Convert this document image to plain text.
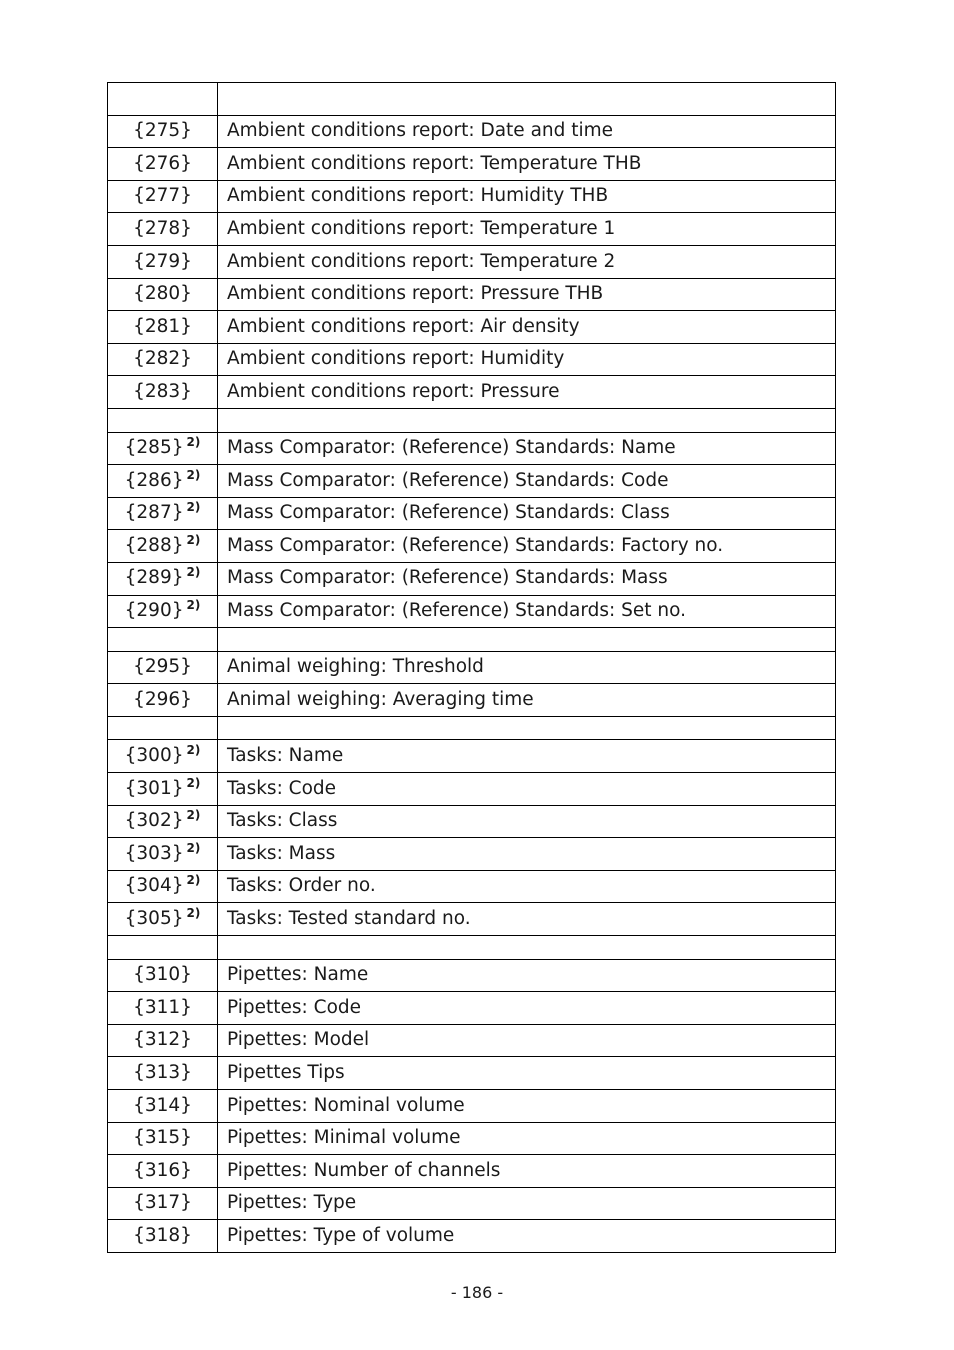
{275}	Ambient conditions report: Date and time
{276}	Ambient conditions report: Temperature THB
{277}	Ambient conditions report: Humidity THB
{278}	Ambient conditions report: Temperature 1
{279}	Ambient conditions report: Temperature 2
{280}	Ambient conditions report: Pressure THB
{281}	Ambient conditions report: Air density
{282}	Ambient conditions report: Humidity
{283}	Ambient conditions report: Pressure

{285} $^{2)}$	Mass Comparator: (Reference) Standards: Name
{286} $^{2)}$	Mass Comparator: (Reference) Standards: Code
{287} $^{2)}$	Mass Comparator: (Reference) Standards: Class
{288} $^{2)}$	Mass Comparator: (Reference) Standards: Factory no.
{289} $^{2)}$	Mass Comparator: (Reference) Standards: Mass
{290} $^{2)}$	Mass Comparator: (Reference) Standards: Set no.

{295}	Animal weighing: Threshold
{296}	Animal weighing: Averaging time

{300} $^{2)}$	Tasks: Name
{301} $^{2)}$	Tasks: Code
{302} $^{2)}$	Tasks: Class
{303} $^{2)}$	Tasks: Mass
{304} $^{2)}$	Tasks: Order no.
{305} $^{2)}$	Tasks: Tested standard no.

{310}	Pipettes: Name
{311}	Pipettes: Code
{312}	Pipettes: Model
{313}	Pipettes Tips
{314}	Pipettes: Nominal volume
{315}	Pipettes: Minimal volume
{316}	Pipettes: Number of channels
{317}	Pipettes: Type
{318}	Pipettes: Type of volume
- 186 -
